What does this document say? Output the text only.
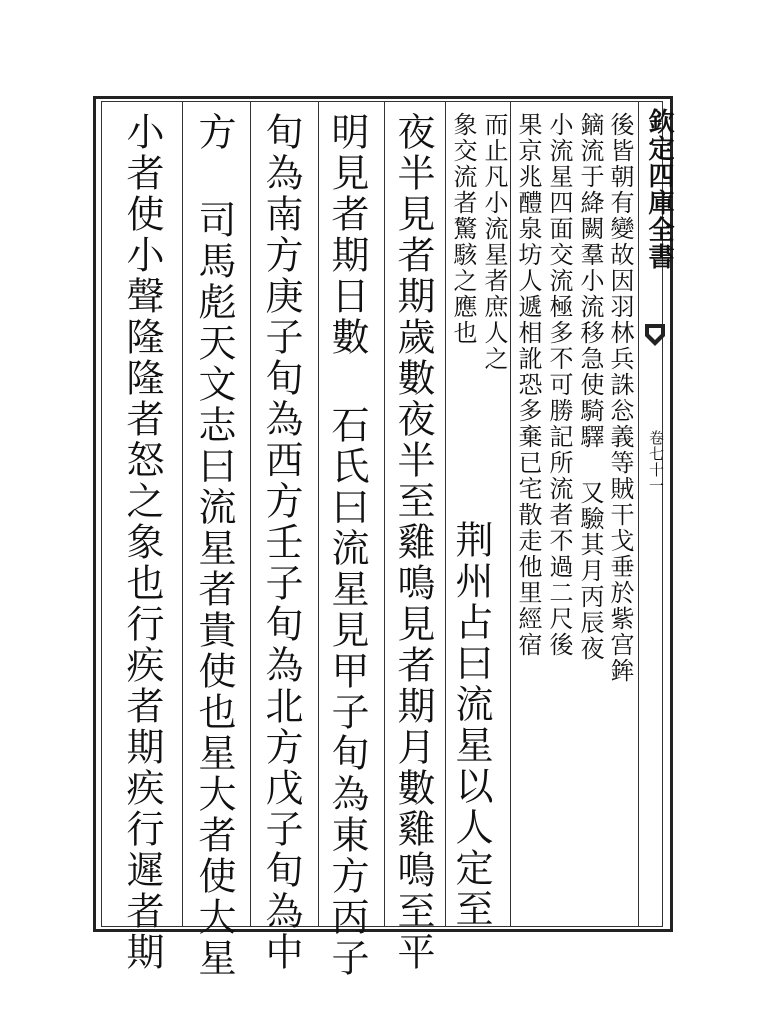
欽定四庫全書
卷七十一
後皆朝有變故因羽林兵誅忩義等賊干戈垂於紫宫鉾
鏑流于絳闕羣小流移急使騎驛 又驗其月丙辰夜
小流星四面交流極多不可勝記所流者不過二尺後
果京兆醴泉坊人遞相訛恐多棄已宅散走他里經宿
而止凡小流星者庶人之
荆州占曰流星以人定至
象交流者驚駭之應也
夜半見者期歲數夜半至雞鳴見者期月數雞鳴至平
明見者期日數 石氏曰流星見甲子旬為東方丙子
旬為南方庚子旬為西方壬子旬為北方戊子旬為中
方 司馬彪天文志曰流星者貴使也星大者使大星
小者使小聲隆隆者怒之象也行疾者期疾行遲者期
